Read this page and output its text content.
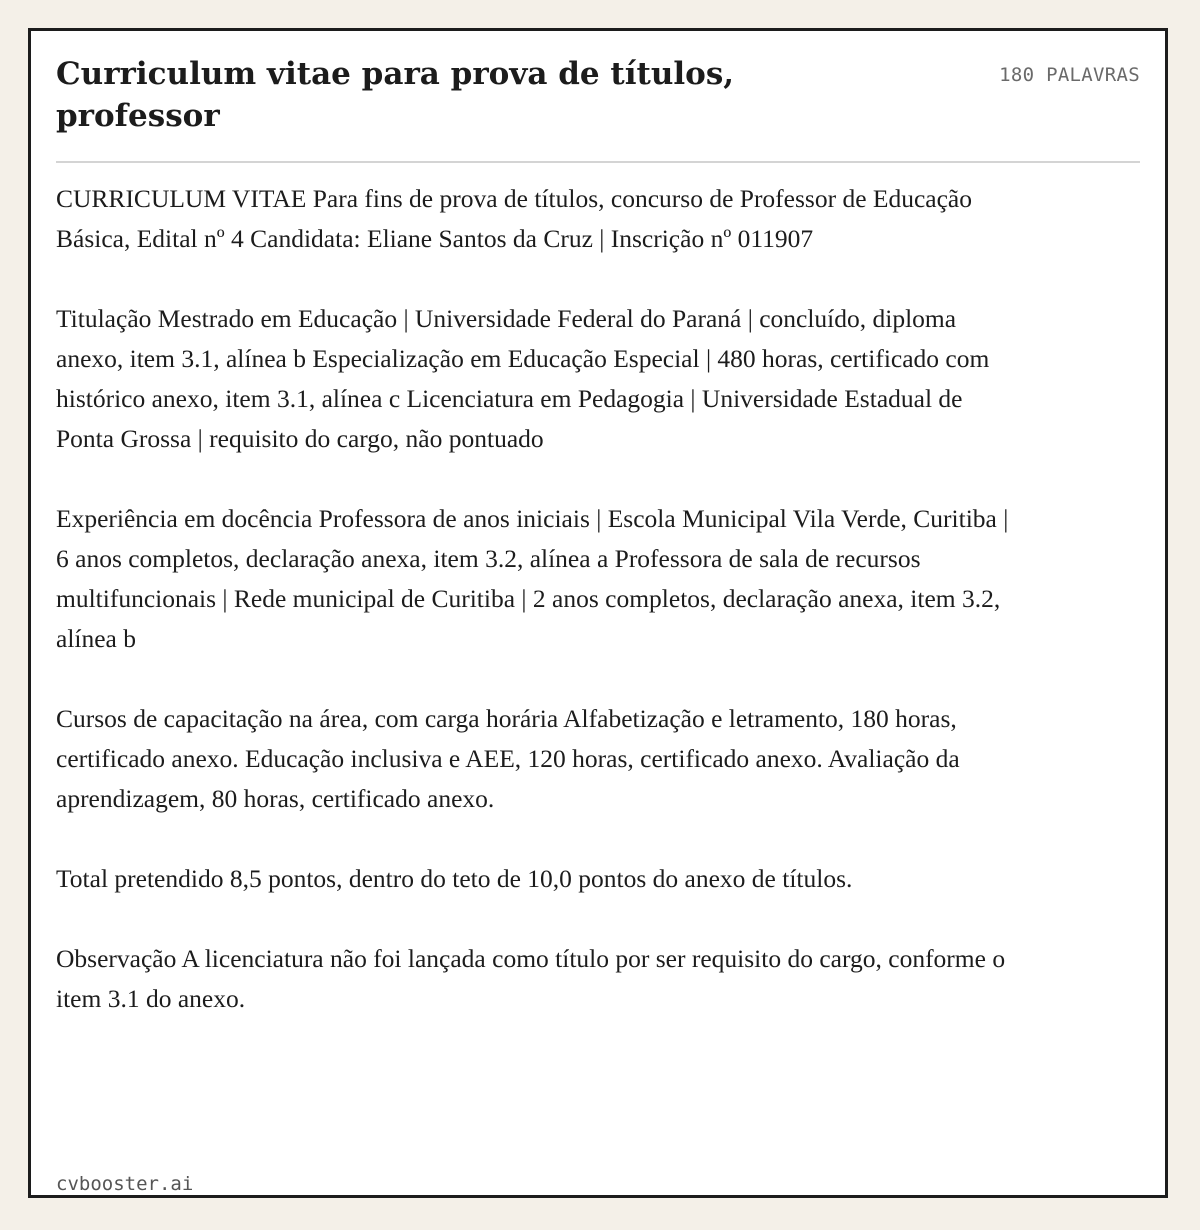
Curriculum vitae para prova de títulos, professor
180 PALAVRAS

CURRICULUM VITAE Para fins de prova de títulos, concurso de Professor de Educação Básica, Edital nº 4 Candidata: Eliane Santos da Cruz | Inscrição nº 011907

Titulação Mestrado em Educação | Universidade Federal do Paraná | concluído, diploma anexo, item 3.1, alínea b Especialização em Educação Especial | 480 horas, certificado com histórico anexo, item 3.1, alínea c Licenciatura em Pedagogia | Universidade Estadual de Ponta Grossa | requisito do cargo, não pontuado

Experiência em docência Professora de anos iniciais | Escola Municipal Vila Verde, Curitiba | 6 anos completos, declaração anexa, item 3.2, alínea a Professora de sala de recursos multifuncionais | Rede municipal de Curitiba | 2 anos completos, declaração anexa, item 3.2, alínea b

Cursos de capacitação na área, com carga horária Alfabetização e letramento, 180 horas, certificado anexo. Educação inclusiva e AEE, 120 horas, certificado anexo. Avaliação da aprendizagem, 80 horas, certificado anexo.

Total pretendido 8,5 pontos, dentro do teto de 10,0 pontos do anexo de títulos.

Observação A licenciatura não foi lançada como título por ser requisito do cargo, conforme o item 3.1 do anexo.

cvbooster.ai
